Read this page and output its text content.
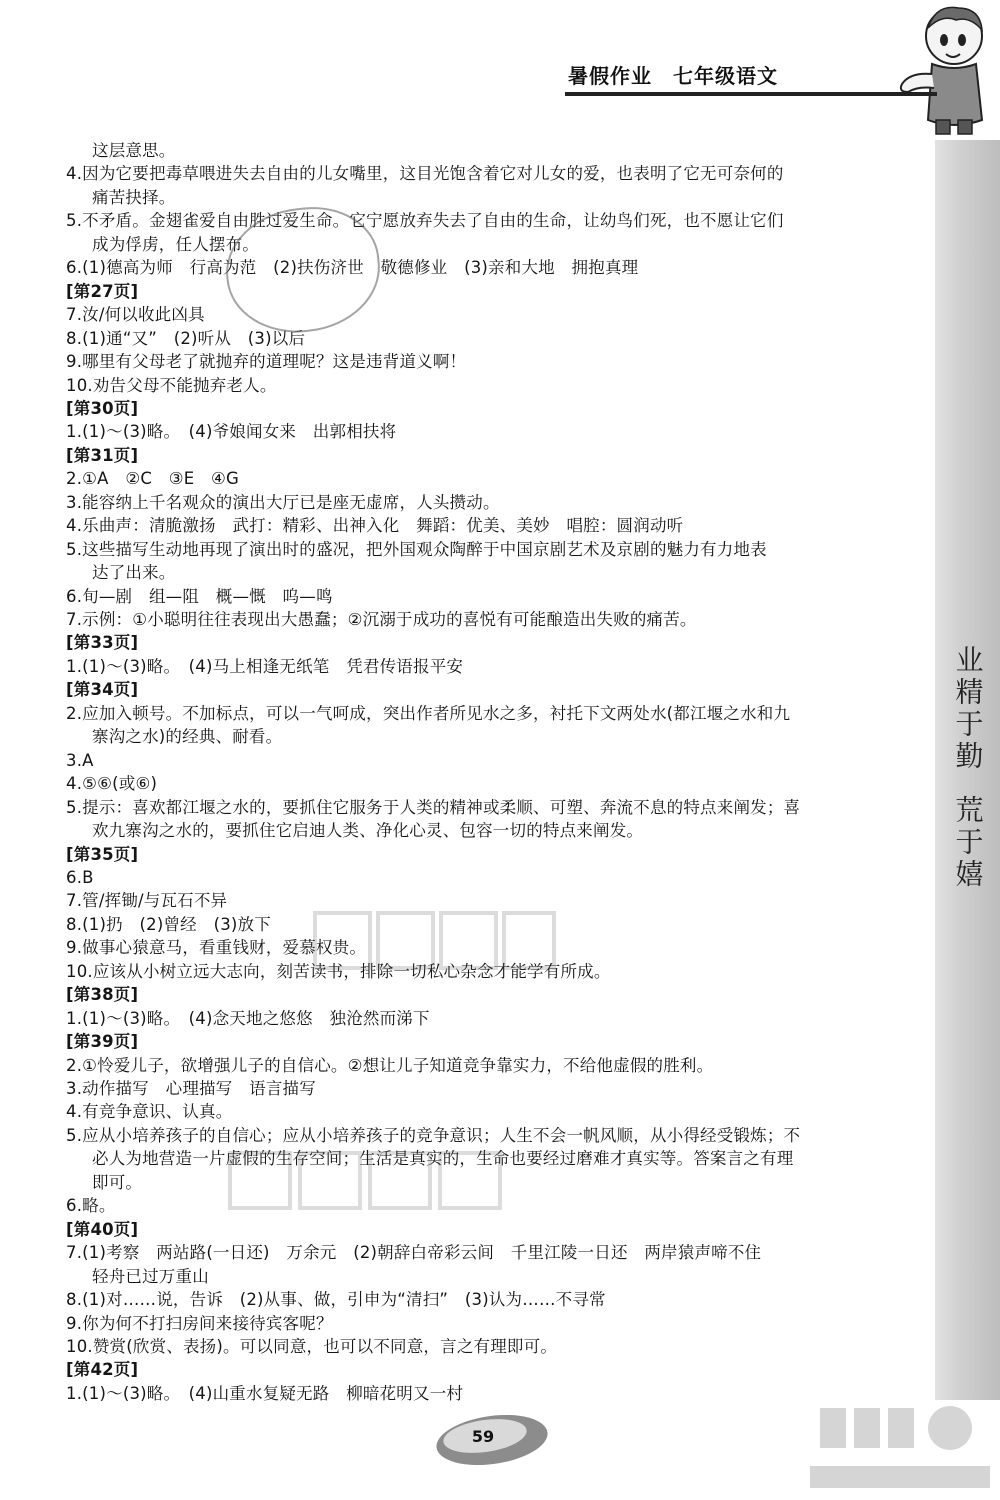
业精于勤
荒于嬉
暑假作业　七年级语文
这层意思。
4.因为它要把毒草喂进失去自由的儿女嘴里，这目光饱含着它对儿女的爱，也表明了它无可奈何的
痛苦抉择。
5.不矛盾。金翅雀爱自由胜过爱生命。它宁愿放弃失去了自由的生命，让幼鸟们死，也不愿让它们
成为俘虏，任人摆布。
6.(1)德高为师　行高为范　(2)扶伤济世　敬德修业　(3)亲和大地　拥抱真理
[第27页]
7.汝/何以收此凶具
8.(1)通“又”　(2)听从　(3)以后
9.哪里有父母老了就抛弃的道理呢？这是违背道义啊！
10.劝告父母不能抛弃老人。
[第30页]
1.(1)～(3)略。　(4)爷娘闻女来　出郭相扶将
[第31页]
2.①A　②C　③E　④G
3.能容纳上千名观众的演出大厅已是座无虚席，人头攒动。
4.乐曲声：清脆激扬　武打：精彩、出神入化　舞蹈：优美、美妙　唱腔：圆润动听
5.这些描写生动地再现了演出时的盛况，把外国观众陶醉于中国京剧艺术及京剧的魅力有力地表
达了出来。
6.旬—剧　组—阻　概—慨　呜—鸣
7.示例：①小聪明往往表现出大愚蠢；②沉溺于成功的喜悦有可能酿造出失败的痛苦。
[第33页]
1.(1)～(3)略。　(4)马上相逢无纸笔　凭君传语报平安
[第34页]
2.应加入顿号。不加标点，可以一气呵成，突出作者所见水之多，衬托下文两处水(都江堰之水和九
寨沟之水)的经典、耐看。
3.A
4.⑤⑥(或⑥)
5.提示：喜欢都江堰之水的，要抓住它服务于人类的精神或柔顺、可塑、奔流不息的特点来阐发；喜
欢九寨沟之水的，要抓住它启迪人类、净化心灵、包容一切的特点来阐发。
[第35页]
6.B
7.管/挥锄/与瓦石不异
8.(1)扔　(2)曾经　(3)放下
9.做事心猿意马，看重钱财，爱慕权贵。
10.应该从小树立远大志向，刻苦读书，排除一切私心杂念才能学有所成。
[第38页]
1.(1)～(3)略。　(4)念天地之悠悠　独沧然而涕下
[第39页]
2.①怜爱儿子，欲增强儿子的自信心。②想让儿子知道竞争靠实力，不给他虚假的胜利。
3.动作描写　心理描写　语言描写
4.有竞争意识、认真。
5.应从小培养孩子的自信心；应从小培养孩子的竞争意识；人生不会一帆风顺，从小得经受锻炼；不
必人为地营造一片虚假的生存空间；生活是真实的，生命也要经过磨难才真实等。答案言之有理
即可。
6.略。
[第40页]
7.(1)考察　两站路(一日还)　万余元　(2)朝辞白帝彩云间　千里江陵一日还　两岸猿声啼不住
轻舟已过万重山
8.(1)对……说，告诉　(2)从事、做，引申为“清扫”　(3)认为……不寻常
9.你为何不打扫房间来接待宾客呢？
10.赞赏(欣赏、表扬)。可以同意，也可以不同意，言之有理即可。
[第42页]
1.(1)～(3)略。　(4)山重水复疑无路　柳暗花明又一村
59
